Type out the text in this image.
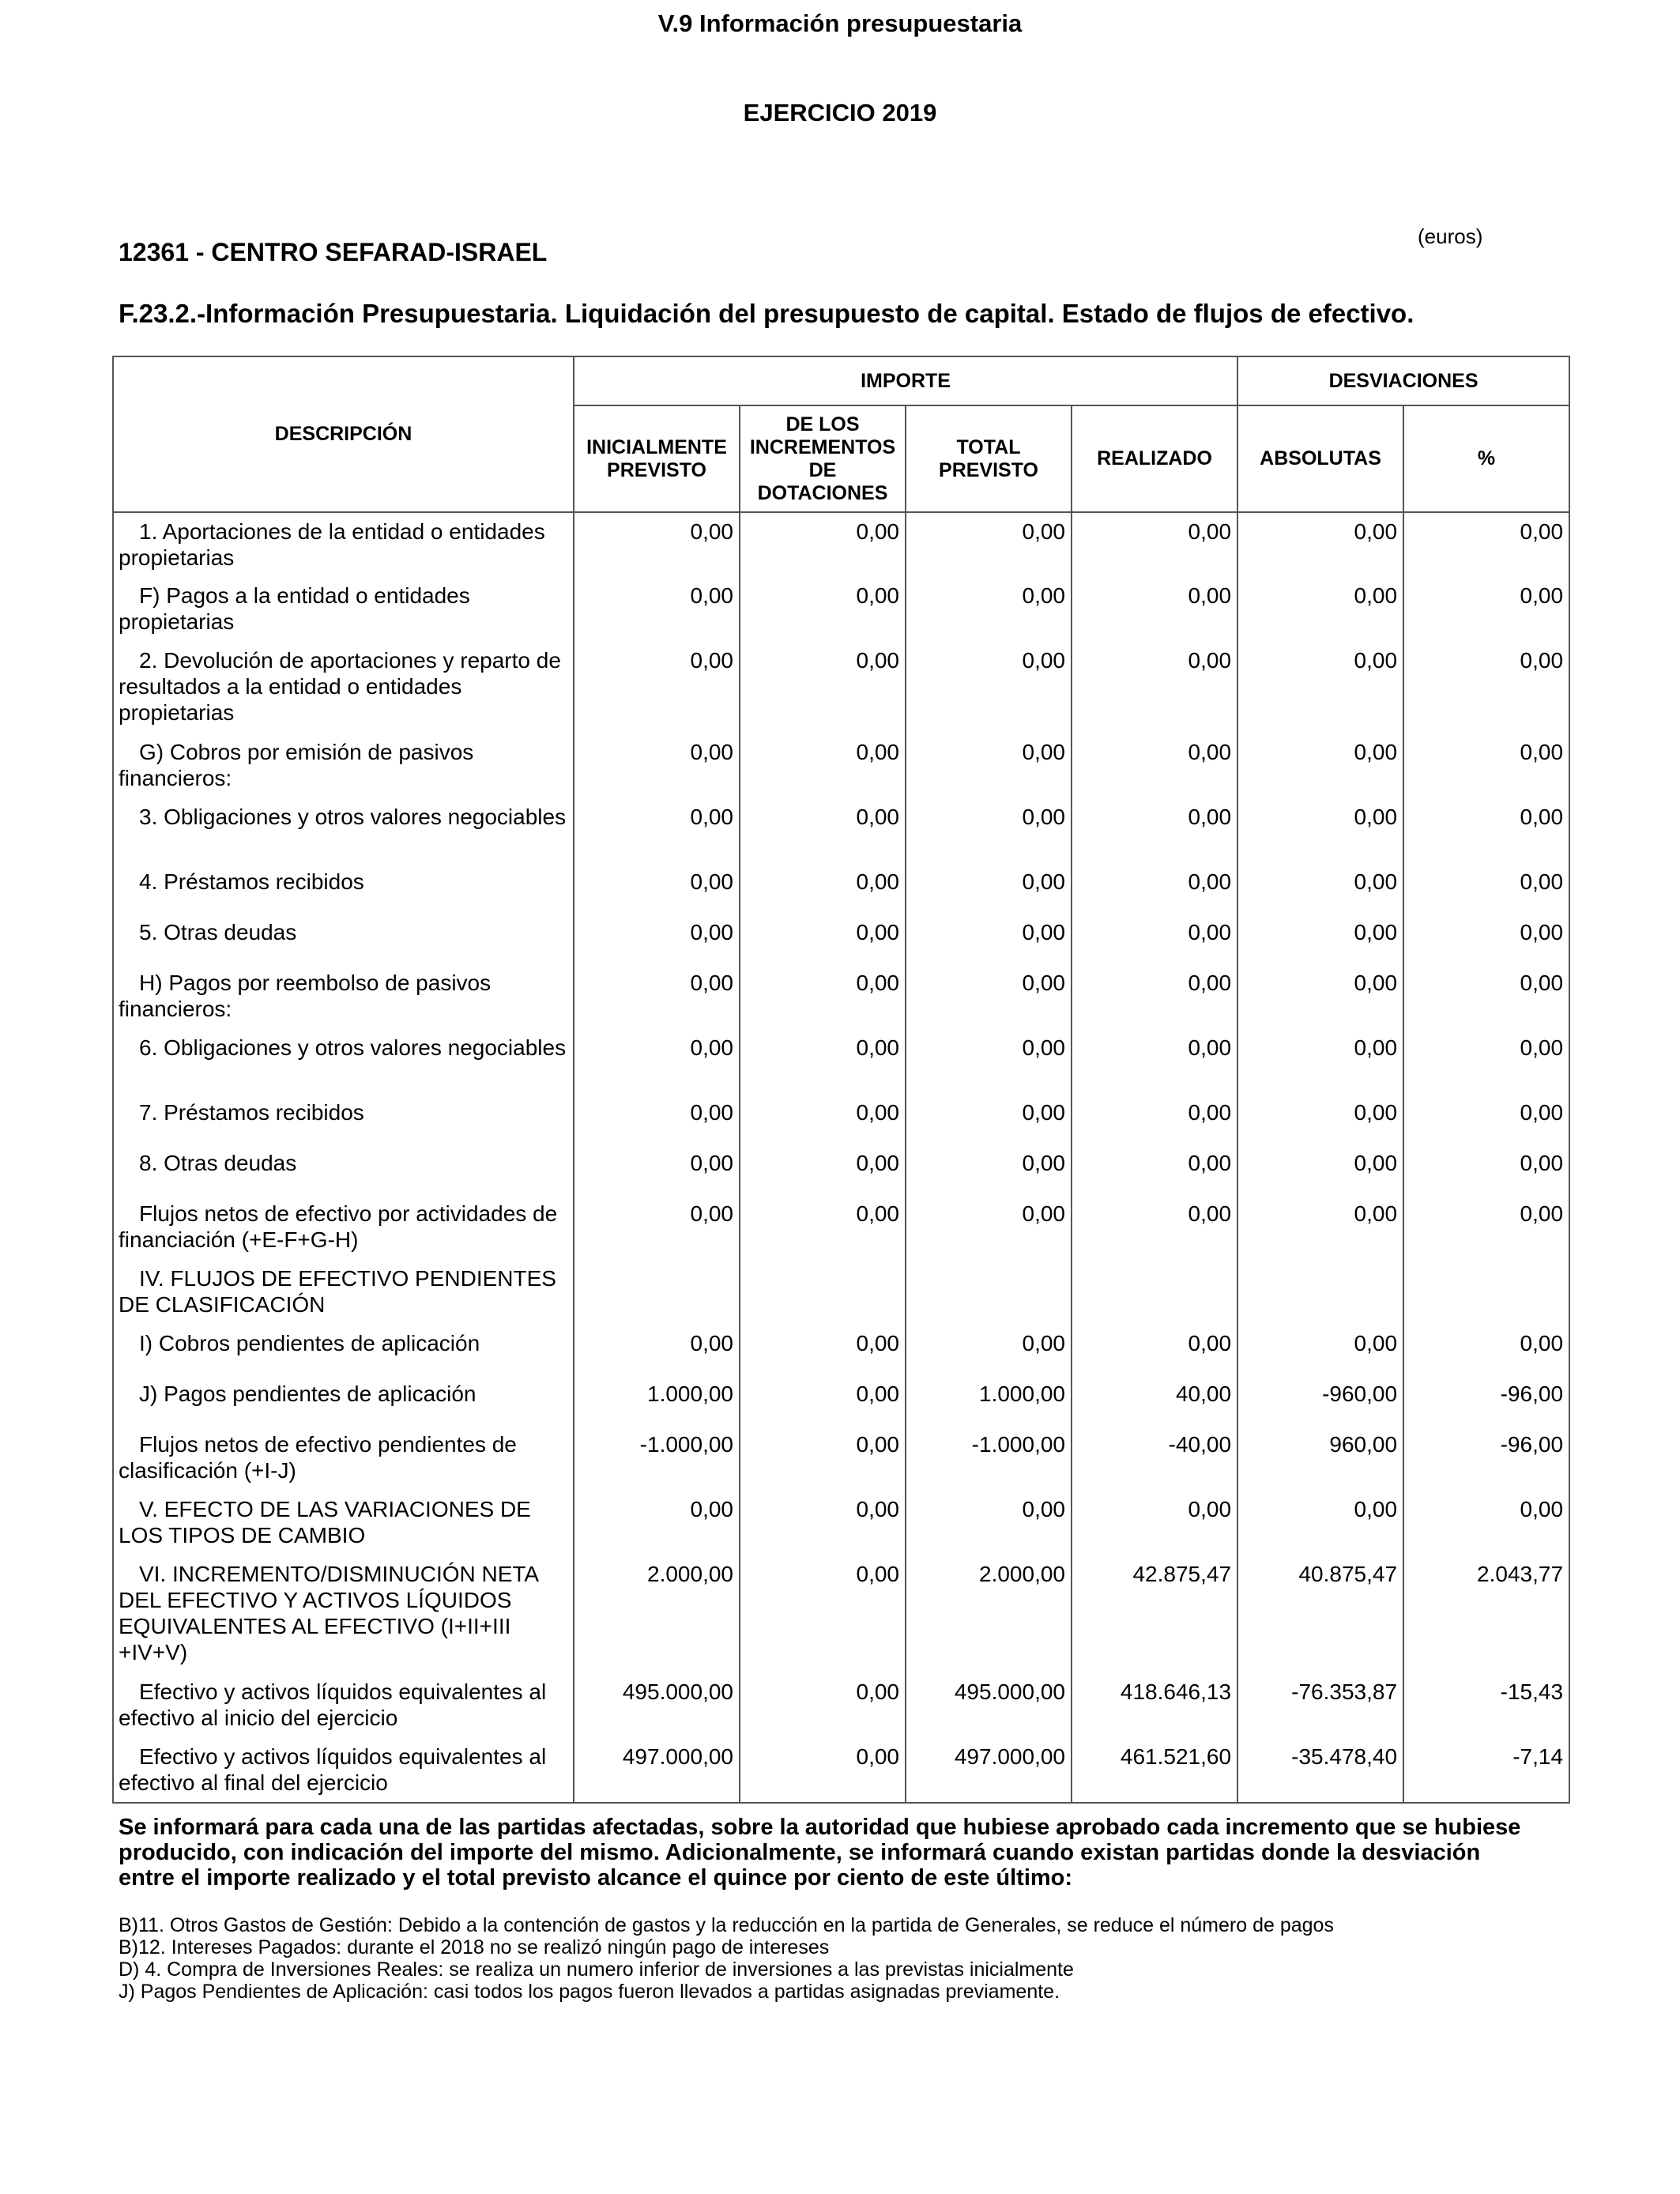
V.9 Información presupuestaria
EJERCICIO 2019
(euros)
12361 - CENTRO SEFARAD-ISRAEL
F.23.2.-Información Presupuestaria. Liquidación del presupuesto de capital. Estado de flujos de efectivo.
DESCRIPCIÓN	IMPORTE				DESVIACIONES	
	INICIALMENTE PREVISTO	DE LOS INCREMENTOS DE DOTACIONES	TOTAL PREVISTO	REALIZADO	ABSOLUTAS	%
1. Aportaciones de la entidad o entidades propietarias	0,00	0,00	0,00	0,00	0,00	0,00
F) Pagos a la entidad o entidades propietarias	0,00	0,00	0,00	0,00	0,00	0,00
2. Devolución de aportaciones y reparto de resultados a la entidad o entidades propietarias	0,00	0,00	0,00	0,00	0,00	0,00
G) Cobros por emisión de pasivos financieros:	0,00	0,00	0,00	0,00	0,00	0,00
3. Obligaciones y otros valores negociables	0,00	0,00	0,00	0,00	0,00	0,00
4. Préstamos recibidos	0,00	0,00	0,00	0,00	0,00	0,00
5. Otras deudas	0,00	0,00	0,00	0,00	0,00	0,00
H) Pagos por reembolso de pasivos financieros:	0,00	0,00	0,00	0,00	0,00	0,00
6. Obligaciones y otros valores negociables	0,00	0,00	0,00	0,00	0,00	0,00
7. Préstamos recibidos	0,00	0,00	0,00	0,00	0,00	0,00
8. Otras deudas	0,00	0,00	0,00	0,00	0,00	0,00
Flujos netos de efectivo por actividades de financiación (+E-F+G-H)	0,00	0,00	0,00	0,00	0,00	0,00
IV. FLUJOS DE EFECTIVO PENDIENTES DE CLASIFICACIÓN						
I) Cobros pendientes de aplicación	0,00	0,00	0,00	0,00	0,00	0,00
J) Pagos pendientes de aplicación	1.000,00	0,00	1.000,00	40,00	-960,00	-96,00
Flujos netos de efectivo pendientes de clasificación (+I-J)	-1.000,00	0,00	-1.000,00	-40,00	960,00	-96,00
V. EFECTO DE LAS VARIACIONES DE LOS TIPOS DE CAMBIO	0,00	0,00	0,00	0,00	0,00	0,00
VI. INCREMENTO/DISMINUCIÓN NETA DEL EFECTIVO Y ACTIVOS LÍQUIDOS EQUIVALENTES AL EFECTIVO (I+II+III +IV+V)	2.000,00	0,00	2.000,00	42.875,47	40.875,47	2.043,77
Efectivo y activos líquidos equivalentes al efectivo al inicio del ejercicio	495.000,00	0,00	495.000,00	418.646,13	-76.353,87	-15,43
Efectivo y activos líquidos equivalentes al efectivo al final del ejercicio	497.000,00	0,00	497.000,00	461.521,60	-35.478,40	-7,14
Se informará para cada una de las partidas afectadas, sobre la autoridad que hubiese aprobado cada incremento que se hubiese producido, con indicación del importe del mismo. Adicionalmente, se informará cuando existan partidas donde la desviación entre el importe realizado y el total previsto alcance el quince por ciento de este último:
B)11. Otros Gastos de Gestión: Debido a la contención de gastos y la reducción en la partida de Generales, se reduce el número de pagos
B)12. Intereses Pagados: durante el 2018 no se realizó ningún pago de intereses
D) 4. Compra de Inversiones Reales: se realiza un numero inferior de inversiones a las previstas inicialmente
J) Pagos Pendientes de Aplicación: casi todos los pagos fueron llevados a partidas asignadas previamente.
